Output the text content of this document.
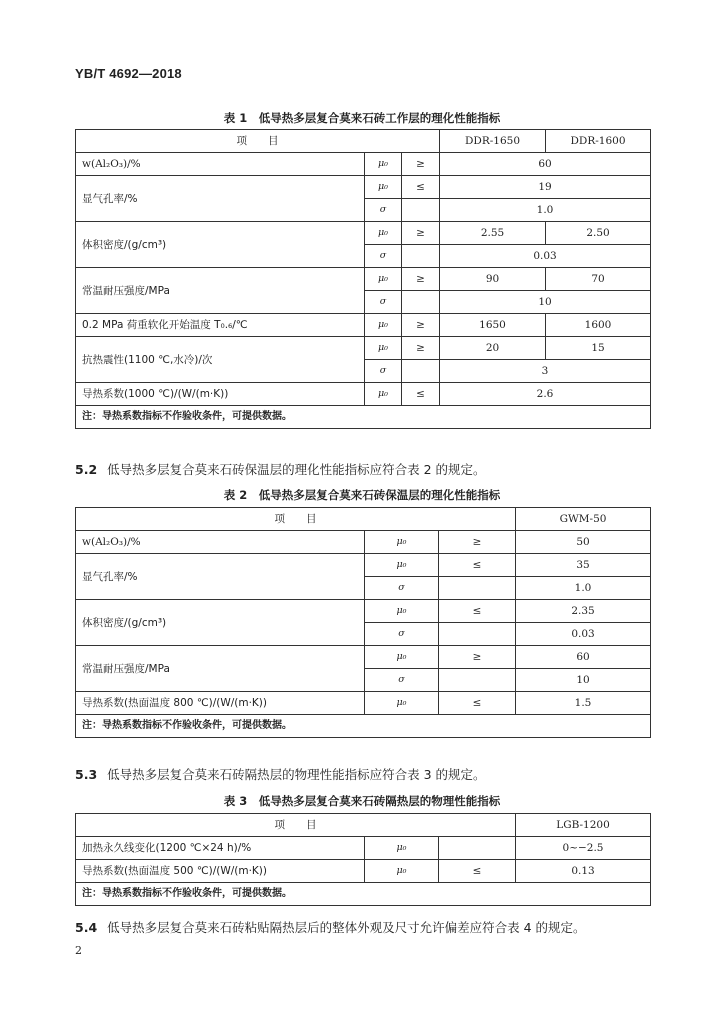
YB/T 4692—2018
表 1　低导热多层复合莫来石砖工作层的理化性能指标
项　　目			DDR-1650	DDR-1600
w(Al₂O₃)/%	μ₀	≥	60	
显气孔率/%	μ₀	≤	19	
	σ		1.0	
体积密度/(g/cm³)	μ₀	≥	2.55	2.50
	σ		0.03	
常温耐压强度/MPa	μ₀	≥	90	70
	σ		10	
0.2 MPa 荷重软化开始温度 T₀.₆/℃	μ₀	≥	1650	1600
抗热震性(1100 ℃,水冷)/次	μ₀	≥	20	15
	σ		3	
导热系数(1000 ℃)/(W/(m·K))	μ₀	≤	2.6	
注：导热系数指标不作验收条件，可提供数据。				
5.2 低导热多层复合莫来石砖保温层的理化性能指标应符合表 2 的规定。
表 2　低导热多层复合莫来石砖保温层的理化性能指标
项　　目			GWM-50
w(Al₂O₃)/%	μ₀	≥	50
显气孔率/%	μ₀	≤	35
	σ		1.0
体积密度/(g/cm³)	μ₀	≤	2.35
	σ		0.03
常温耐压强度/MPa	μ₀	≥	60
	σ		10
导热系数(热面温度 800 ℃)/(W/(m·K))	μ₀	≤	1.5
注：导热系数指标不作验收条件，可提供数据。			
5.3 低导热多层复合莫来石砖隔热层的物理性能指标应符合表 3 的规定。
表 3　低导热多层复合莫来石砖隔热层的物理性能指标
项　　目			LGB-1200
加热永久线变化(1200 ℃×24 h)/%	μ₀		0~−2.5
导热系数(热面温度 500 ℃)/(W/(m·K))	μ₀	≤	0.13
注：导热系数指标不作验收条件，可提供数据。			
5.4 低导热多层复合莫来石砖粘贴隔热层后的整体外观及尺寸允许偏差应符合表 4 的规定。
2
